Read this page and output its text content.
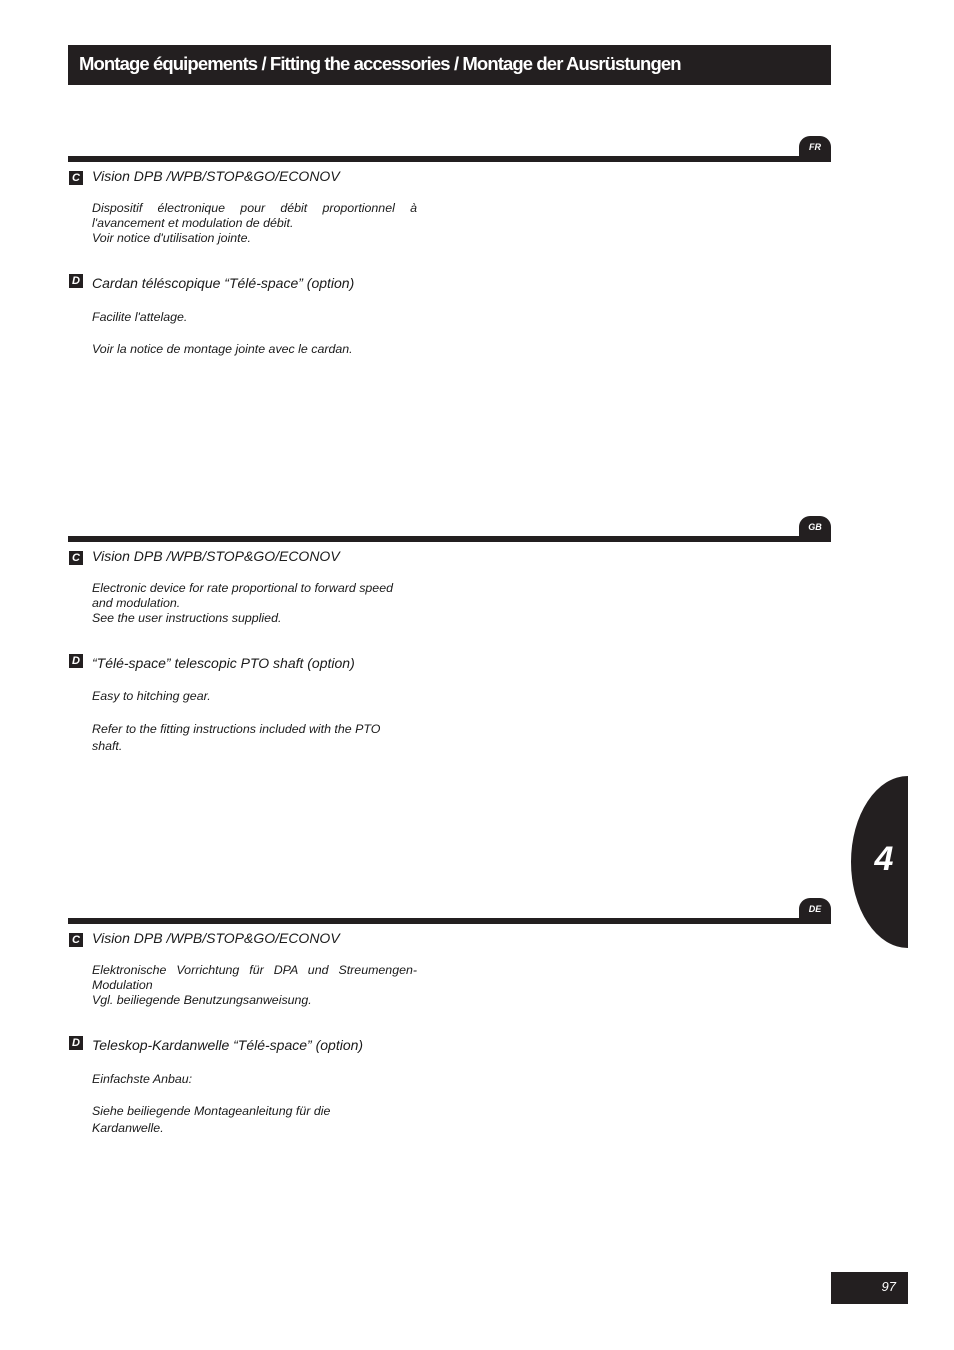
Montage équipements / Fitting the accessories / Montage der Ausrüstungen
FR
C Vision DPB /WPB/STOP&GO/ECONOV
Dispositif électronique pour débit proportionnel à
l'avancement et modulation de débit.
Voir notice d'utilisation jointe.
D Cardan téléscopique “Télé-space” (option)
Facilite l'attelage.
Voir la notice de montage jointe avec le cardan.
GB
C Vision DPB /WPB/STOP&GO/ECONOV
Electronic device for rate proportional to forward speed
and modulation.
See the user instructions supplied.
D “Télé-space” telescopic PTO shaft (option)
Easy to hitching gear.
Refer to the fitting instructions included with the PTO
shaft.
DE
C Vision DPB /WPB/STOP&GO/ECONOV
Elektronische Vorrichtung für DPA und Streumengen-
Modulation
Vgl. beiliegende Benutzungsanweisung.
D Teleskop-Kardanwelle “Télé-space” (option)
Einfachste Anbau:
Siehe beiliegende Montageanleitung für die
Kardanwelle.
4
97
